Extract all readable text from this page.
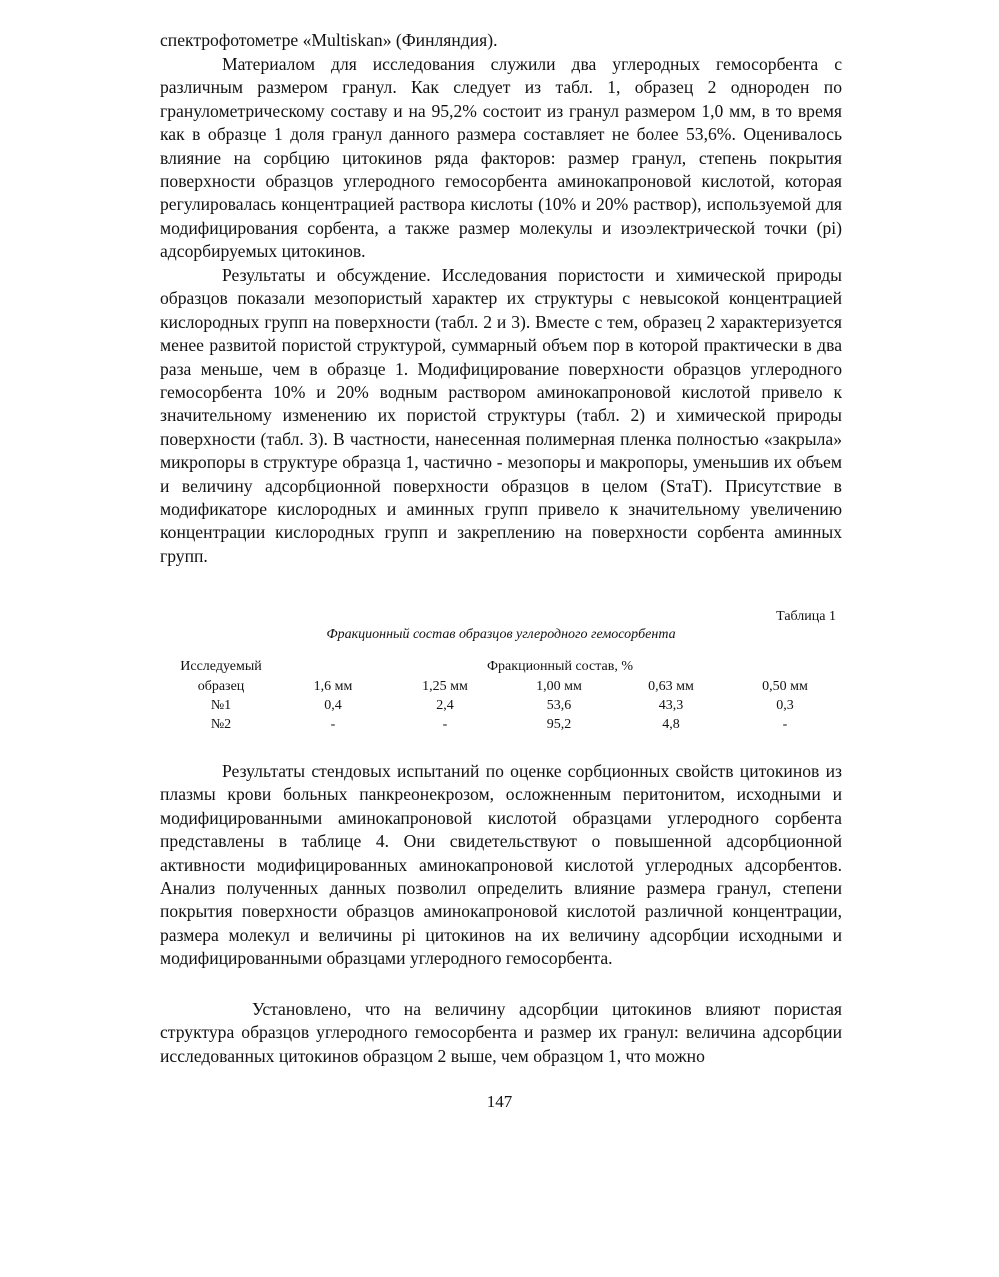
спектрофотометре «Multiskan» (Финляндия).

Материалом для исследования служили два углеродных гемосорбента с различным размером гранул. Как следует из табл. 1, образец 2 однороден по гранулометрическому составу и на 95,2% состоит из гранул размером 1,0 мм, в то время как в образце 1 доля гранул данного размера составляет не более 53,6%. Оценивалось влияние на сорбцию цитокинов ряда факторов: размер гранул, степень покрытия поверхности образцов углеродного гемосорбента аминокапроновой кислотой, которая регулировалась концентрацией раствора кислоты (10% и 20% раствор), используемой для модифицирования сорбента, а также размер молекулы и изоэлектрической точки (pi) адсорбируемых цитокинов.

Результаты и обсуждение. Исследования пористости и химической природы образцов показали мезопористый характер их структуры с невысокой концентрацией кислородных групп на поверхности (табл. 2 и 3). Вместе с тем, образец 2 характеризуется менее развитой пористой структурой, суммарный объем пор в которой практически в два раза меньше, чем в образце 1. Модифицирование поверхности образцов углеродного гемосорбента 10% и 20% водным раствором аминокапроновой кислотой привело к значительному изменению их пористой структуры (табл. 2) и химической природы поверхности (табл. 3). В частности, нанесенная полимерная пленка полностью «закрыла» микропоры в структуре образца 1, частично - мезопоры и макропоры, уменьшив их объем и величину адсорбционной поверхности образцов в целом (SтаT). Присутствие в модификаторе кислородных и аминных групп привело к значительному увеличению концентрации кислородных групп и закреплению на поверхности сорбента аминных групп.

Таблица 1
Фракционный состав образцов углеродного гемосорбента
Исследуемый
образец
Фракционный состав, %
1,6 мм	1,25 мм	1,00 мм	0,63 мм	0,50 мм
№1	0,4	2,4	53,6	43,3	0,3
№2	-	-	95,2	4,8	-

Результаты стендовых испытаний по оценке сорбционных свойств цитокинов из плазмы крови больных панкреонекрозом, осложненным перитонитом, исходными и модифицированными аминокапроновой кислотой образцами углеродного сорбента представлены в таблице 4. Они свидетельствуют о повышенной адсорбционной активности модифицированных аминокапроновой кислотой углеродных адсорбентов. Анализ полученных данных позволил определить влияние размера гранул, степени покрытия поверхности образцов аминокапроновой кислотой различной концентрации, размера молекул и величины pi цитокинов на их величину адсорбции исходными и модифицированными образцами углеродного гемосорбента.

Установлено, что на величину адсорбции цитокинов влияют пористая структура образцов углеродного гемосорбента и размер их гранул: величина адсорбции исследованных цитокинов образцом 2 выше, чем образцом 1, что можно

147
